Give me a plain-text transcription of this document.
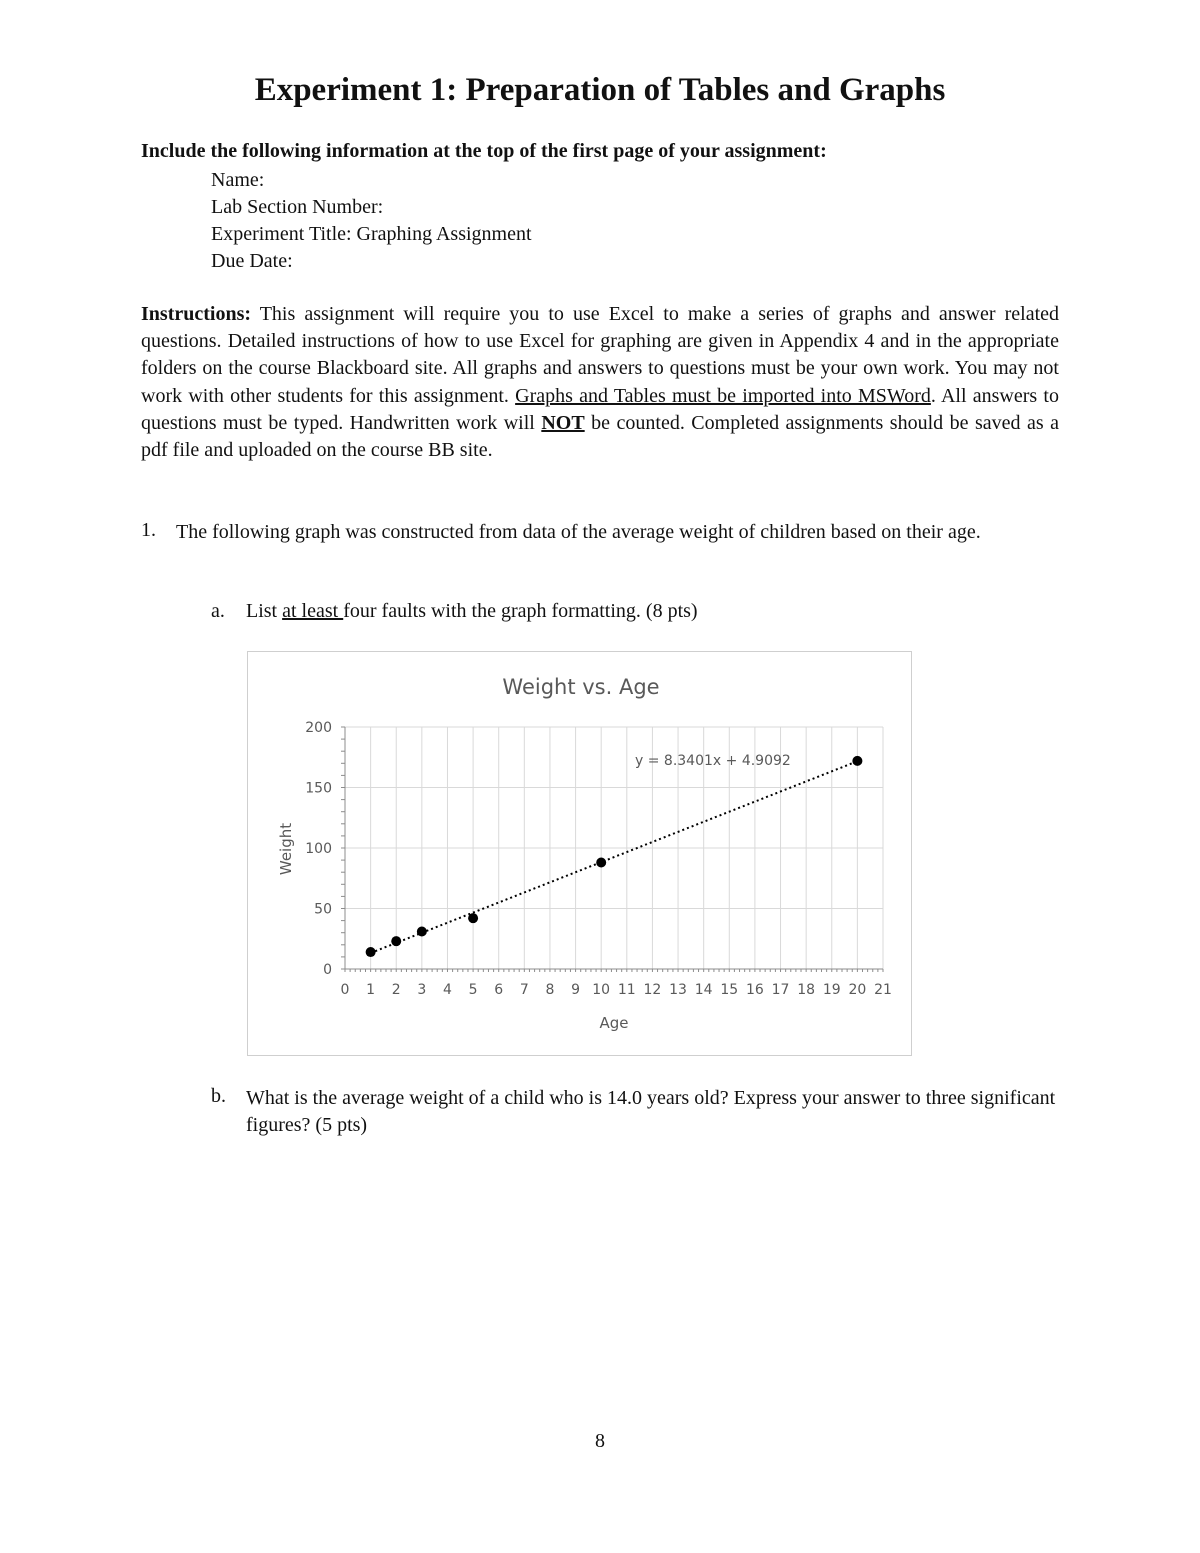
Experiment 1: Preparation of Tables and Graphs
Include the following information at the top of the first page of your assignment:
Name:
Lab Section Number:
Experiment Title: Graphing Assignment
Due Date:
Instructions: This assignment will require you to use Excel to make a series of graphs and answer related questions. Detailed instructions of how to use Excel for graphing are given in Appendix 4 and in the appropriate folders on the course Blackboard site. All graphs and answers to questions must be your own work. You may not work with other students for this assignment. Graphs and Tables must be imported into MSWord. All answers to questions must be typed. Handwritten work will NOT be counted. Completed assignments should be saved as a pdf file and uploaded on the course BB site.
1. The following graph was constructed from data of the average weight of children based on their age.
a. List at least four faults with the graph formatting. (8 pts)
Weight vs. Age
0 1 2 3 4 5 6 7 8 9 10 11 12 13 14 15 16 17 18 19 20 21
0
50
100
150
200
y = 8.3401x + 4.9092
Age
Weight
b. What is the average weight of a child who is 14.0 years old? Express your answer to three significant figures? (5 pts)
8
